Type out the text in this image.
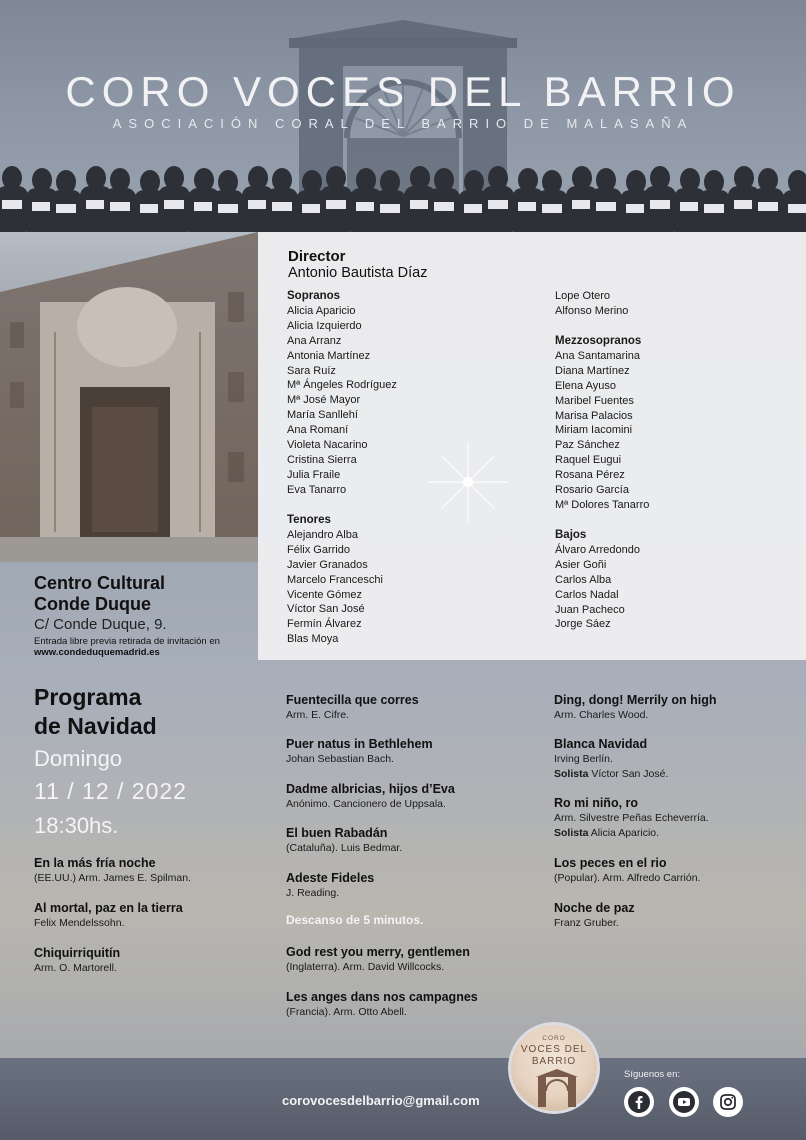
CORO VOCES DEL BARRIO
ASOCIACIÓN CORAL DEL BARRIO DE MALASAÑA
Director
Antonio Bautista Díaz
Sopranos
Alicia Aparicio
Alicia Izquierdo
Ana Arranz
Antonia Martínez
Sara Ruíz
Mª Ángeles Rodríguez
Mª José Mayor
María Sanllehí
Ana Romaní
Violeta Nacarino
Cristina Sierra
Julia Fraile
Eva Tanarro
Tenores
Alejandro Alba
Félix Garrido
Javier Granados
Marcelo Franceschi
Vicente Gómez
Víctor San José
Fermín Álvarez
Blas Moya
Lope Otero
Alfonso Merino
Mezzosopranos
Ana Santamarina
Diana Martínez
Elena Ayuso
Maribel Fuentes
Marisa Palacios
Miriam Iacomini
Paz Sánchez
Raquel Eugui
Rosana Pérez
Rosario García
Mª Dolores Tanarro
Bajos
Álvaro Arredondo
Asier Goñi
Carlos Alba
Carlos Nadal
Juan Pacheco
Jorge Sáez
Centro Cultural
Conde Duque
C/ Conde Duque, 9.
Entrada libre previa retirada de invitación en
www.condeduquemadrid.es
Programa
de Navidad
Domingo
11 / 12 / 2022
18:30hs.
En la más fría noche
(EE.UU.) Arm. James E. Spilman.
Al mortal, paz en la tierra
Felix Mendelssohn.
Chiquirriquitín
Arm. O. Martorell.
Fuentecilla que corres
Arm. E. Cifre.
Puer natus in Bethlehem
Johan Sebastian Bach.
Dadme albricias, hijos d’Eva
Anónimo. Cancionero de Uppsala.
El buen Rabadán
(Cataluña). Luis Bedmar.
Adeste Fideles
J. Reading.
God rest you merry, gentlemen
(Inglaterra). Arm. David Willcocks.
Les anges dans nos campagnes
(Francia). Arm. Otto Abell.
Ding, dong! Merrily on high
Arm. Charles Wood.
Blanca Navidad
Irving Berlín.
Solista Víctor San José.
Ro mi niño, ro
Arm. Silvestre Peñas Echeverría.
Solista Alicia Aparicio.
Los peces en el rio
(Popular). Arm. Alfredo Carrión.
Noche de paz
Franz Gruber.
Descanso de 5 minutos.
CORO
VOCES DEL
BARRIO
corovocesdelbarrio@gmail.com
Síguenos en:
